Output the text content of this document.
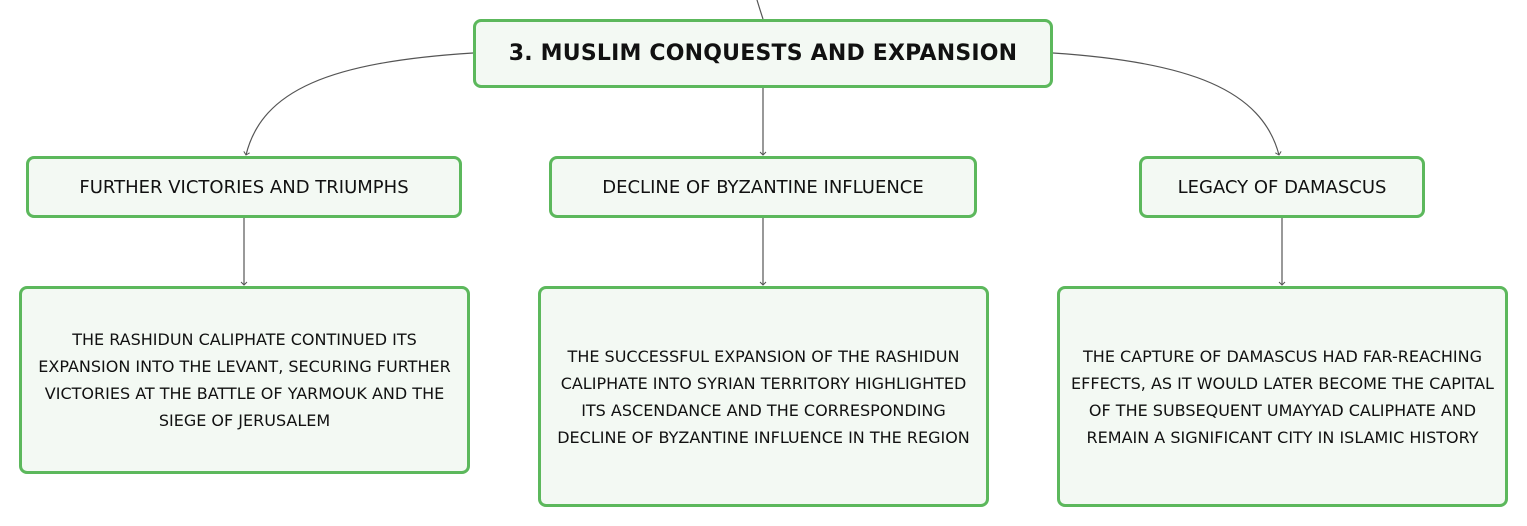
3. MUSLIM CONQUESTS AND EXPANSION
FURTHER VICTORIES AND TRIUMPHS	DECLINE OF BYZANTINE INFLUENCE	LEGACY OF DAMASCUS
THE RASHIDUN CALIPHATE CONTINUED ITS EXPANSION INTO THE LEVANT, SECURING FURTHER VICTORIES AT THE BATTLE OF YARMOUK AND THE SIEGE OF JERUSALEM
THE SUCCESSFUL EXPANSION OF THE RASHIDUN CALIPHATE INTO SYRIAN TERRITORY HIGHLIGHTED ITS ASCENDANCE AND THE CORRESPONDING DECLINE OF BYZANTINE INFLUENCE IN THE REGION
THE CAPTURE OF DAMASCUS HAD FAR-REACHING EFFECTS, AS IT WOULD LATER BECOME THE CAPITAL OF THE SUBSEQUENT UMAYYAD CALIPHATE AND REMAIN A SIGNIFICANT CITY IN ISLAMIC HISTORY
